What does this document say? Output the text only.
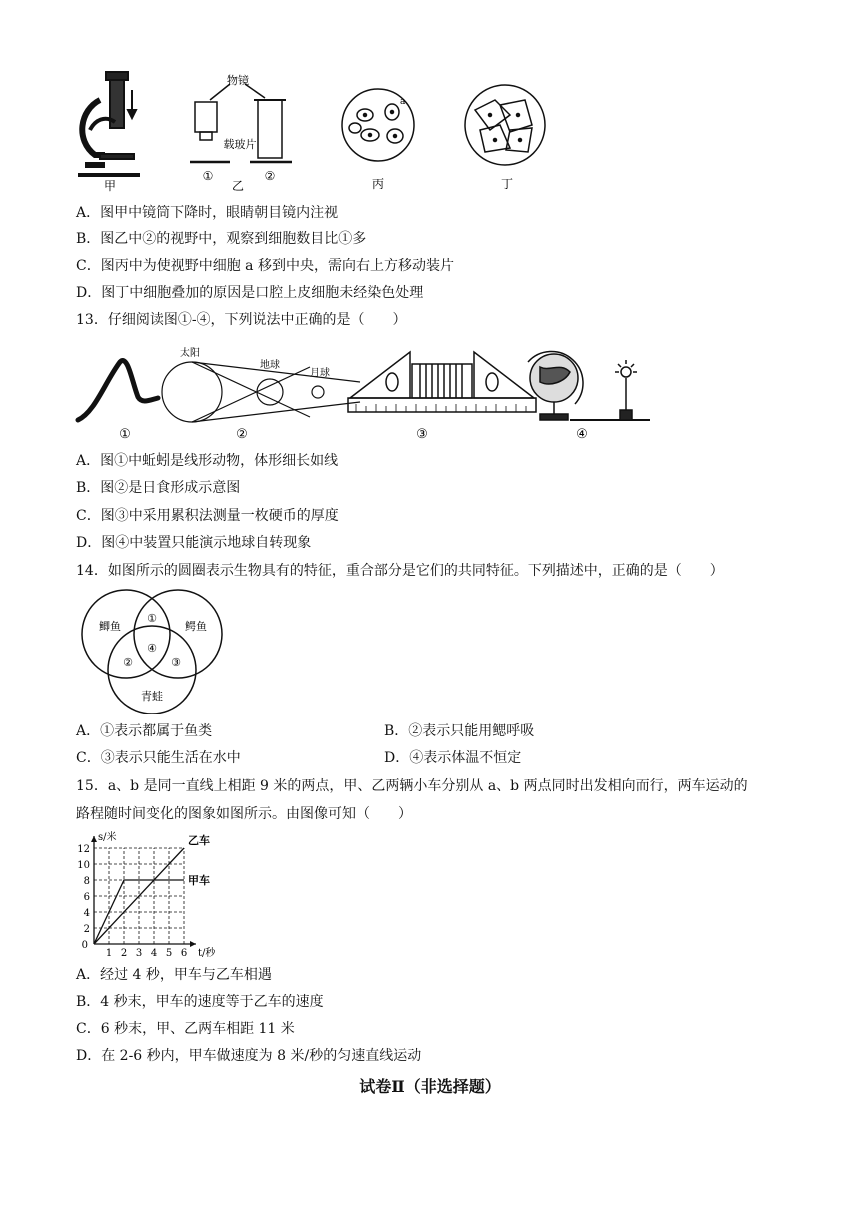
甲
物镜
载玻片
①
乙
②
a
丙	丁
A．图甲中镜筒下降时，眼睛朝目镜内注视
B．图乙中②的视野中，观察到细胞数目比①多
C．图丙中为使视野中细胞 a 移到中央，需向右上方移动装片
D．图丁中细胞叠加的原因是口腔上皮细胞未经染色处理
13．仔细阅读图①-④，下列说法中正确的是（　　）
①
太阳
地球
月球
②	③	④
A．图①中蚯蚓是线形动物，体形细长如线
B．图②是日食形成示意图
C．图③中采用累积法测量一枚硬币的厚度
D．图④中装置只能演示地球自转现象
14．如图所示的圆圈表示生物具有的特征，重合部分是它们的共同特征。下列描述中，正确的是（　　）
鲫鱼	鳄鱼
青蛙
①
②	③
④
A．①表示都属于鱼类	B．②表示只能用鳃呼吸
C．③表示只能生活在水中	D．④表示体温不恒定
15．a、b 是同一直线上相距 9 米的两点，甲、乙两辆小车分别从 a、b 两点同时出发相向而行，两车运动的
路程随时间变化的图象如图所示。由图像可知（　　）
1 2 3 4 5 6
2
4
6
8
10
12
0
甲车
乙车
t/秒
s/米
A．经过 4 秒，甲车与乙车相遇
B．4 秒末，甲车的速度等于乙车的速度
C．6 秒末，甲、乙两车相距 11 米
D．在 2-6 秒内，甲车做速度为 8 米/秒的匀速直线运动
试卷Ⅱ（非选择题）
